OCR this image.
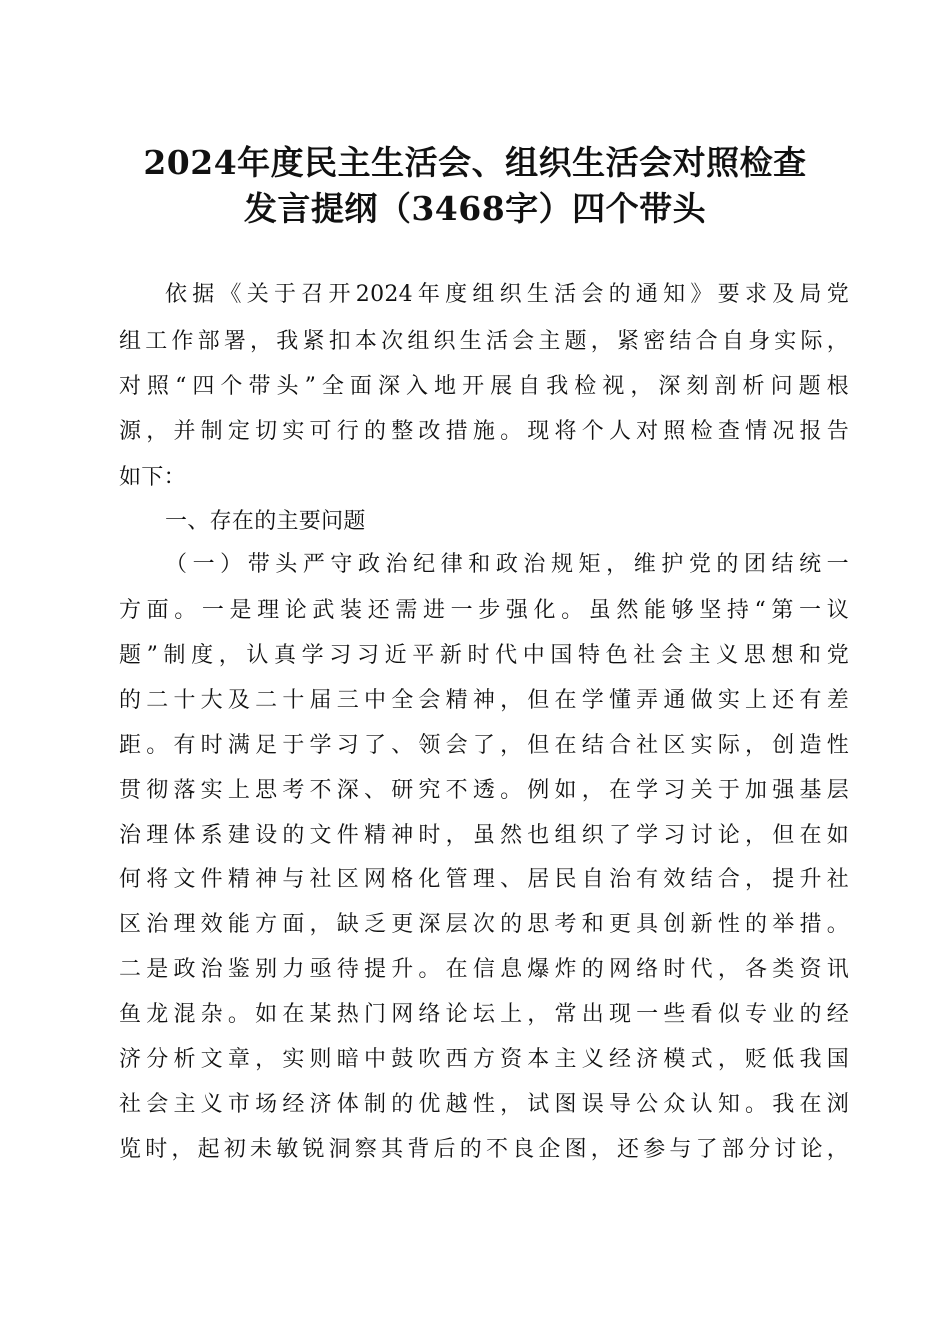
2024年度民主生活会、组织生活会对照检查
发言提纲（3468字）四个带头
依据《关于召开2024年度组织生活会的通知》要求及局党
组工作部署，我紧扣本次组织生活会主题，紧密结合自身实际，
对照“四个带头”全面深入地开展自我检视，深刻剖析问题根
源，并制定切实可行的整改措施。现将个人对照检查情况报告
如下：
一、存在的主要问题
（一）带头严守政治纪律和政治规矩，维护党的团结统一
方面。一是理论武装还需进一步强化。虽然能够坚持“第一议
题”制度，认真学习习近平新时代中国特色社会主义思想和党
的二十大及二十届三中全会精神，但在学懂弄通做实上还有差
距。有时满足于学习了、领会了，但在结合社区实际，创造性
贯彻落实上思考不深、研究不透。例如，在学习关于加强基层
治理体系建设的文件精神时，虽然也组织了学习讨论，但在如
何将文件精神与社区网格化管理、居民自治有效结合，提升社
区治理效能方面，缺乏更深层次的思考和更具创新性的举措。
二是政治鉴别力亟待提升。在信息爆炸的网络时代，各类资讯
鱼龙混杂。如在某热门网络论坛上，常出现一些看似专业的经
济分析文章，实则暗中鼓吹西方资本主义经济模式，贬低我国
社会主义市场经济体制的优越性，试图误导公众认知。我在浏
览时，起初未敏锐洞察其背后的不良企图，还参与了部分讨论，
